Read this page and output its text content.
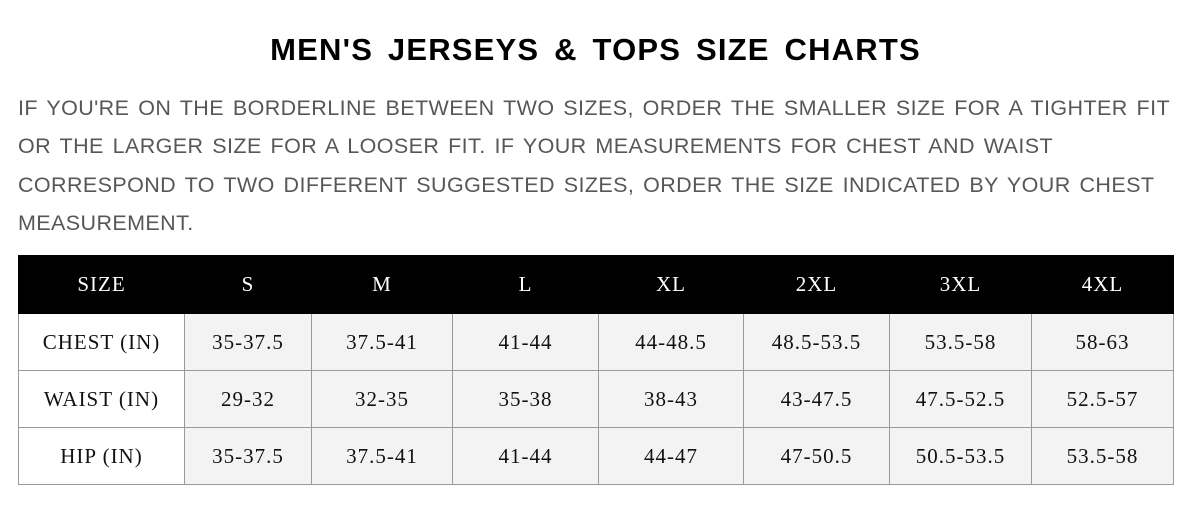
MEN'S JERSEYS & TOPS SIZE CHARTS

IF YOU'RE ON THE BORDERLINE BETWEEN TWO SIZES, ORDER THE SMALLER SIZE FOR A TIGHTER FIT OR THE LARGER SIZE FOR A LOOSER FIT. IF YOUR MEASUREMENTS FOR CHEST AND WAIST CORRESPOND TO TWO DIFFERENT SUGGESTED SIZES, ORDER THE SIZE INDICATED BY YOUR CHEST MEASUREMENT.

SIZE	S	M	L	XL	2XL	3XL	4XL
CHEST (IN)	35-37.5	37.5-41	41-44	44-48.5	48.5-53.5	53.5-58	58-63
WAIST (IN)	29-32	32-35	35-38	38-43	43-47.5	47.5-52.5	52.5-57
HIP (IN)	35-37.5	37.5-41	41-44	44-47	47-50.5	50.5-53.5	53.5-58
